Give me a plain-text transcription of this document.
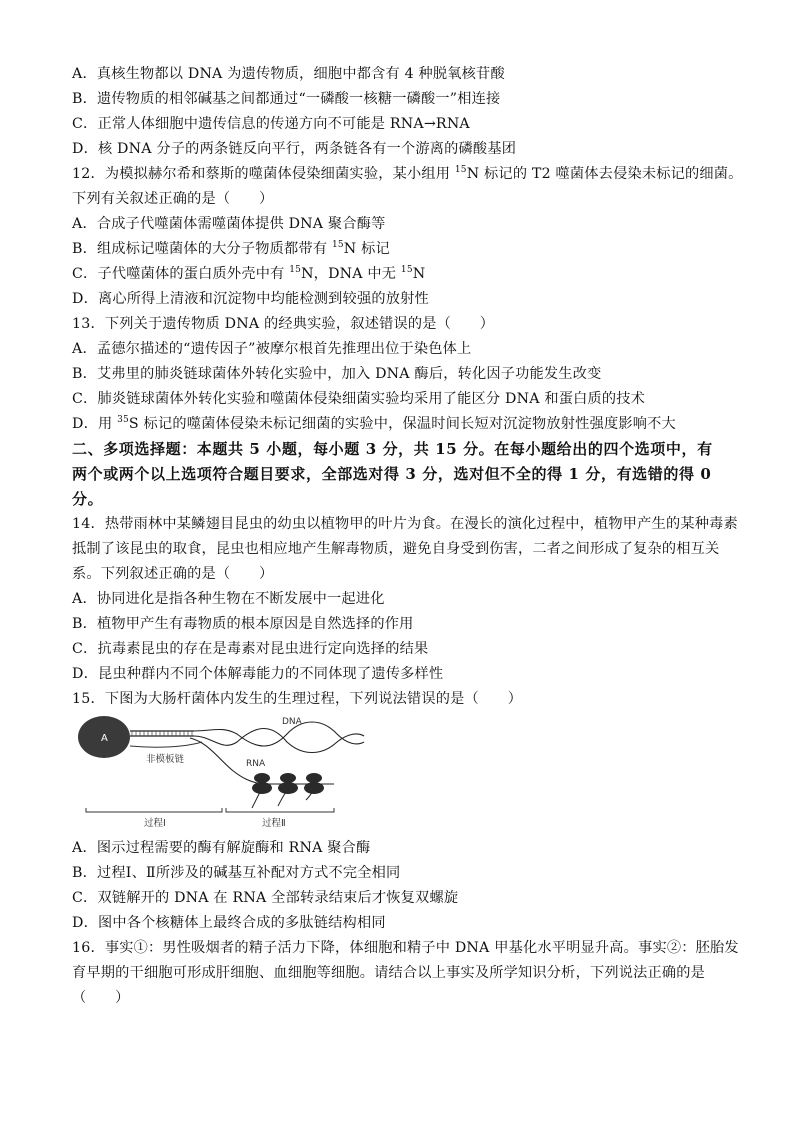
A．真核生物都以 DNA 为遗传物质，细胞中都含有 4 种脱氧核苷酸
B．遗传物质的相邻碱基之间都通过“一磷酸一核糖一磷酸一”相连接
C．正常人体细胞中遗传信息的传递方向不可能是 RNA→RNA
D．核 DNA 分子的两条链反向平行，两条链各有一个游离的磷酸基团
12．为模拟赫尔希和蔡斯的噬菌体侵染细菌实验，某小组用 $^{15}$N 标记的 T2 噬菌体去侵染未标记的细菌。
下列有关叙述正确的是（　　）
A．合成子代噬菌体需噬菌体提供 DNA 聚合酶等
B．组成标记噬菌体的大分子物质都带有 $^{15}$N 标记
C．子代噬菌体的蛋白质外壳中有 $^{15}$N，DNA 中无 $^{15}$N
D．离心所得上清液和沉淀物中均能检测到较强的放射性
13．下列关于遗传物质 DNA 的经典实验，叙述错误的是（　　）
A．孟德尔描述的“遗传因子”被摩尔根首先推理出位于染色体上
B．艾弗里的肺炎链球菌体外转化实验中，加入 DNA 酶后，转化因子功能发生改变
C．肺炎链球菌体外转化实验和噬菌体侵染细菌实验均采用了能区分 DNA 和蛋白质的技术
D．用 $^{35}$S 标记的噬菌体侵染未标记细菌的实验中，保温时间长短对沉淀物放射性强度影响不大
二、多项选择题：本题共 5 小题，每小题 3 分，共 15 分。在每小题给出的四个选项中，有
两个或两个以上选项符合题目要求，全部选对得 3 分，选对但不全的得 1 分，有选错的得 0
分。
14．热带雨林中某鳞翅目昆虫的幼虫以植物甲的叶片为食。在漫长的演化过程中，植物甲产生的某种毒素
抵制了该昆虫的取食，昆虫也相应地产生解毒物质，避免自身受到伤害，二者之间形成了复杂的相互关
系。下列叙述正确的是（　　）
A．协同进化是指各种生物在不断发展中一起进化
B．植物甲产生有毒物质的根本原因是自然选择的作用
C．抗毒素昆虫的存在是毒素对昆虫进行定向选择的结果
D．昆虫种群内不同个体解毒能力的不同体现了遗传多样性
15．下图为大肠杆菌体内发生的生理过程，下列说法错误的是（　　）
A
非模板链
DNA
RNA
过程Ⅰ	过程Ⅱ
A．图示过程需要的酶有解旋酶和 RNA 聚合酶
B．过程Ⅰ、Ⅱ所涉及的碱基互补配对方式不完全相同
C．双链解开的 DNA 在 RNA 全部转录结束后才恢复双螺旋
D．图中各个核糖体上最终合成的多肽链结构相同
16．事实①：男性吸烟者的精子活力下降，体细胞和精子中 DNA 甲基化水平明显升高。事实②：胚胎发
育早期的干细胞可形成肝细胞、血细胞等细胞。请结合以上事实及所学知识分析，下列说法正确的是
（　　）
